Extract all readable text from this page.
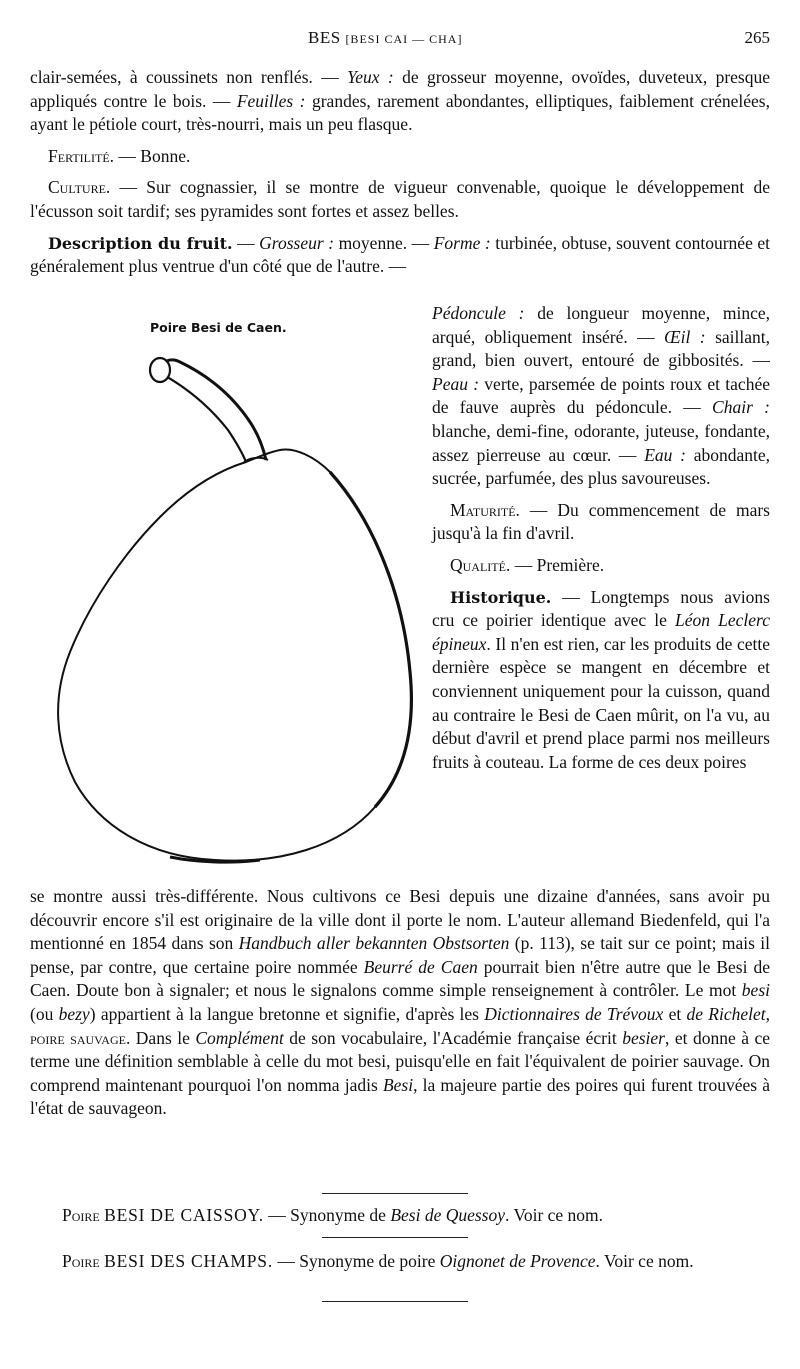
BES [BESI CAI — CHA]	265

clair-semées, à coussinets non renflés. — Yeux : de grosseur moyenne, ovoïdes, duveteux, presque appliqués contre le bois. — Feuilles : grandes, rarement abondantes, elliptiques, faiblement crénelées, ayant le pétiole court, très-nourri, mais un peu flasque.

Fertilité. — Bonne.

Culture. — Sur cognassier, il se montre de vigueur convenable, quoique le développement de l'écusson soit tardif; ses pyramides sont fortes et assez belles.

Description du fruit. — Grosseur : moyenne. — Forme : turbinée, obtuse, souvent contournée et généralement plus ventrue d'un côté que de l'autre. —

Poire Besi de Caen.

Pédoncule : de longueur moyenne, mince, arqué, obliquement inséré. — Œil : saillant, grand, bien ouvert, entouré de gibbosités. — Peau : verte, parsemée de points roux et tachée de fauve auprès du pédoncule. — Chair : blanche, demi-fine, odorante, juteuse, fondante, assez pierreuse au cœur. — Eau : abondante, sucrée, parfumée, des plus savoureuses.

Maturité. — Du commencement de mars jusqu'à la fin d'avril.

Qualité. — Première.

Historique. — Longtemps nous avions cru ce poirier identique avec le Léon Leclerc épineux. Il n'en est rien, car les produits de cette dernière espèce se mangent en décembre et conviennent uniquement pour la cuisson, quand au contraire le Besi de Caen mûrit, on l'a vu, au début d'avril et prend place parmi nos meilleurs fruits à couteau. La forme de ces deux poires

se montre aussi très-différente. Nous cultivons ce Besi depuis une dizaine d'années, sans avoir pu découvrir encore s'il est originaire de la ville dont il porte le nom. L'auteur allemand Biedenfeld, qui l'a mentionné en 1854 dans son Handbuch aller bekannten Obstsorten (p. 113), se tait sur ce point; mais il pense, par contre, que certaine poire nommée Beurré de Caen pourrait bien n'être autre que le Besi de Caen. Doute bon à signaler; et nous le signalons comme simple renseignement à contrôler. Le mot besi (ou bezy) appartient à la langue bretonne et signifie, d'après les Dictionnaires de Trévoux et de Richelet, poire sauvage. Dans le Complément de son vocabulaire, l'Académie française écrit besier, et donne à ce terme une définition semblable à celle du mot besi, puisqu'elle en fait l'équivalent de poirier sauvage. On comprend maintenant pourquoi l'on nomma jadis Besi, la majeure partie des poires qui furent trouvées à l'état de sauvageon.

Poire BESI DE CAISSOY. — Synonyme de Besi de Quessoy. Voir ce nom.
Poire BESI DES CHAMPS. — Synonyme de poire Oignonet de Provence. Voir ce nom.
